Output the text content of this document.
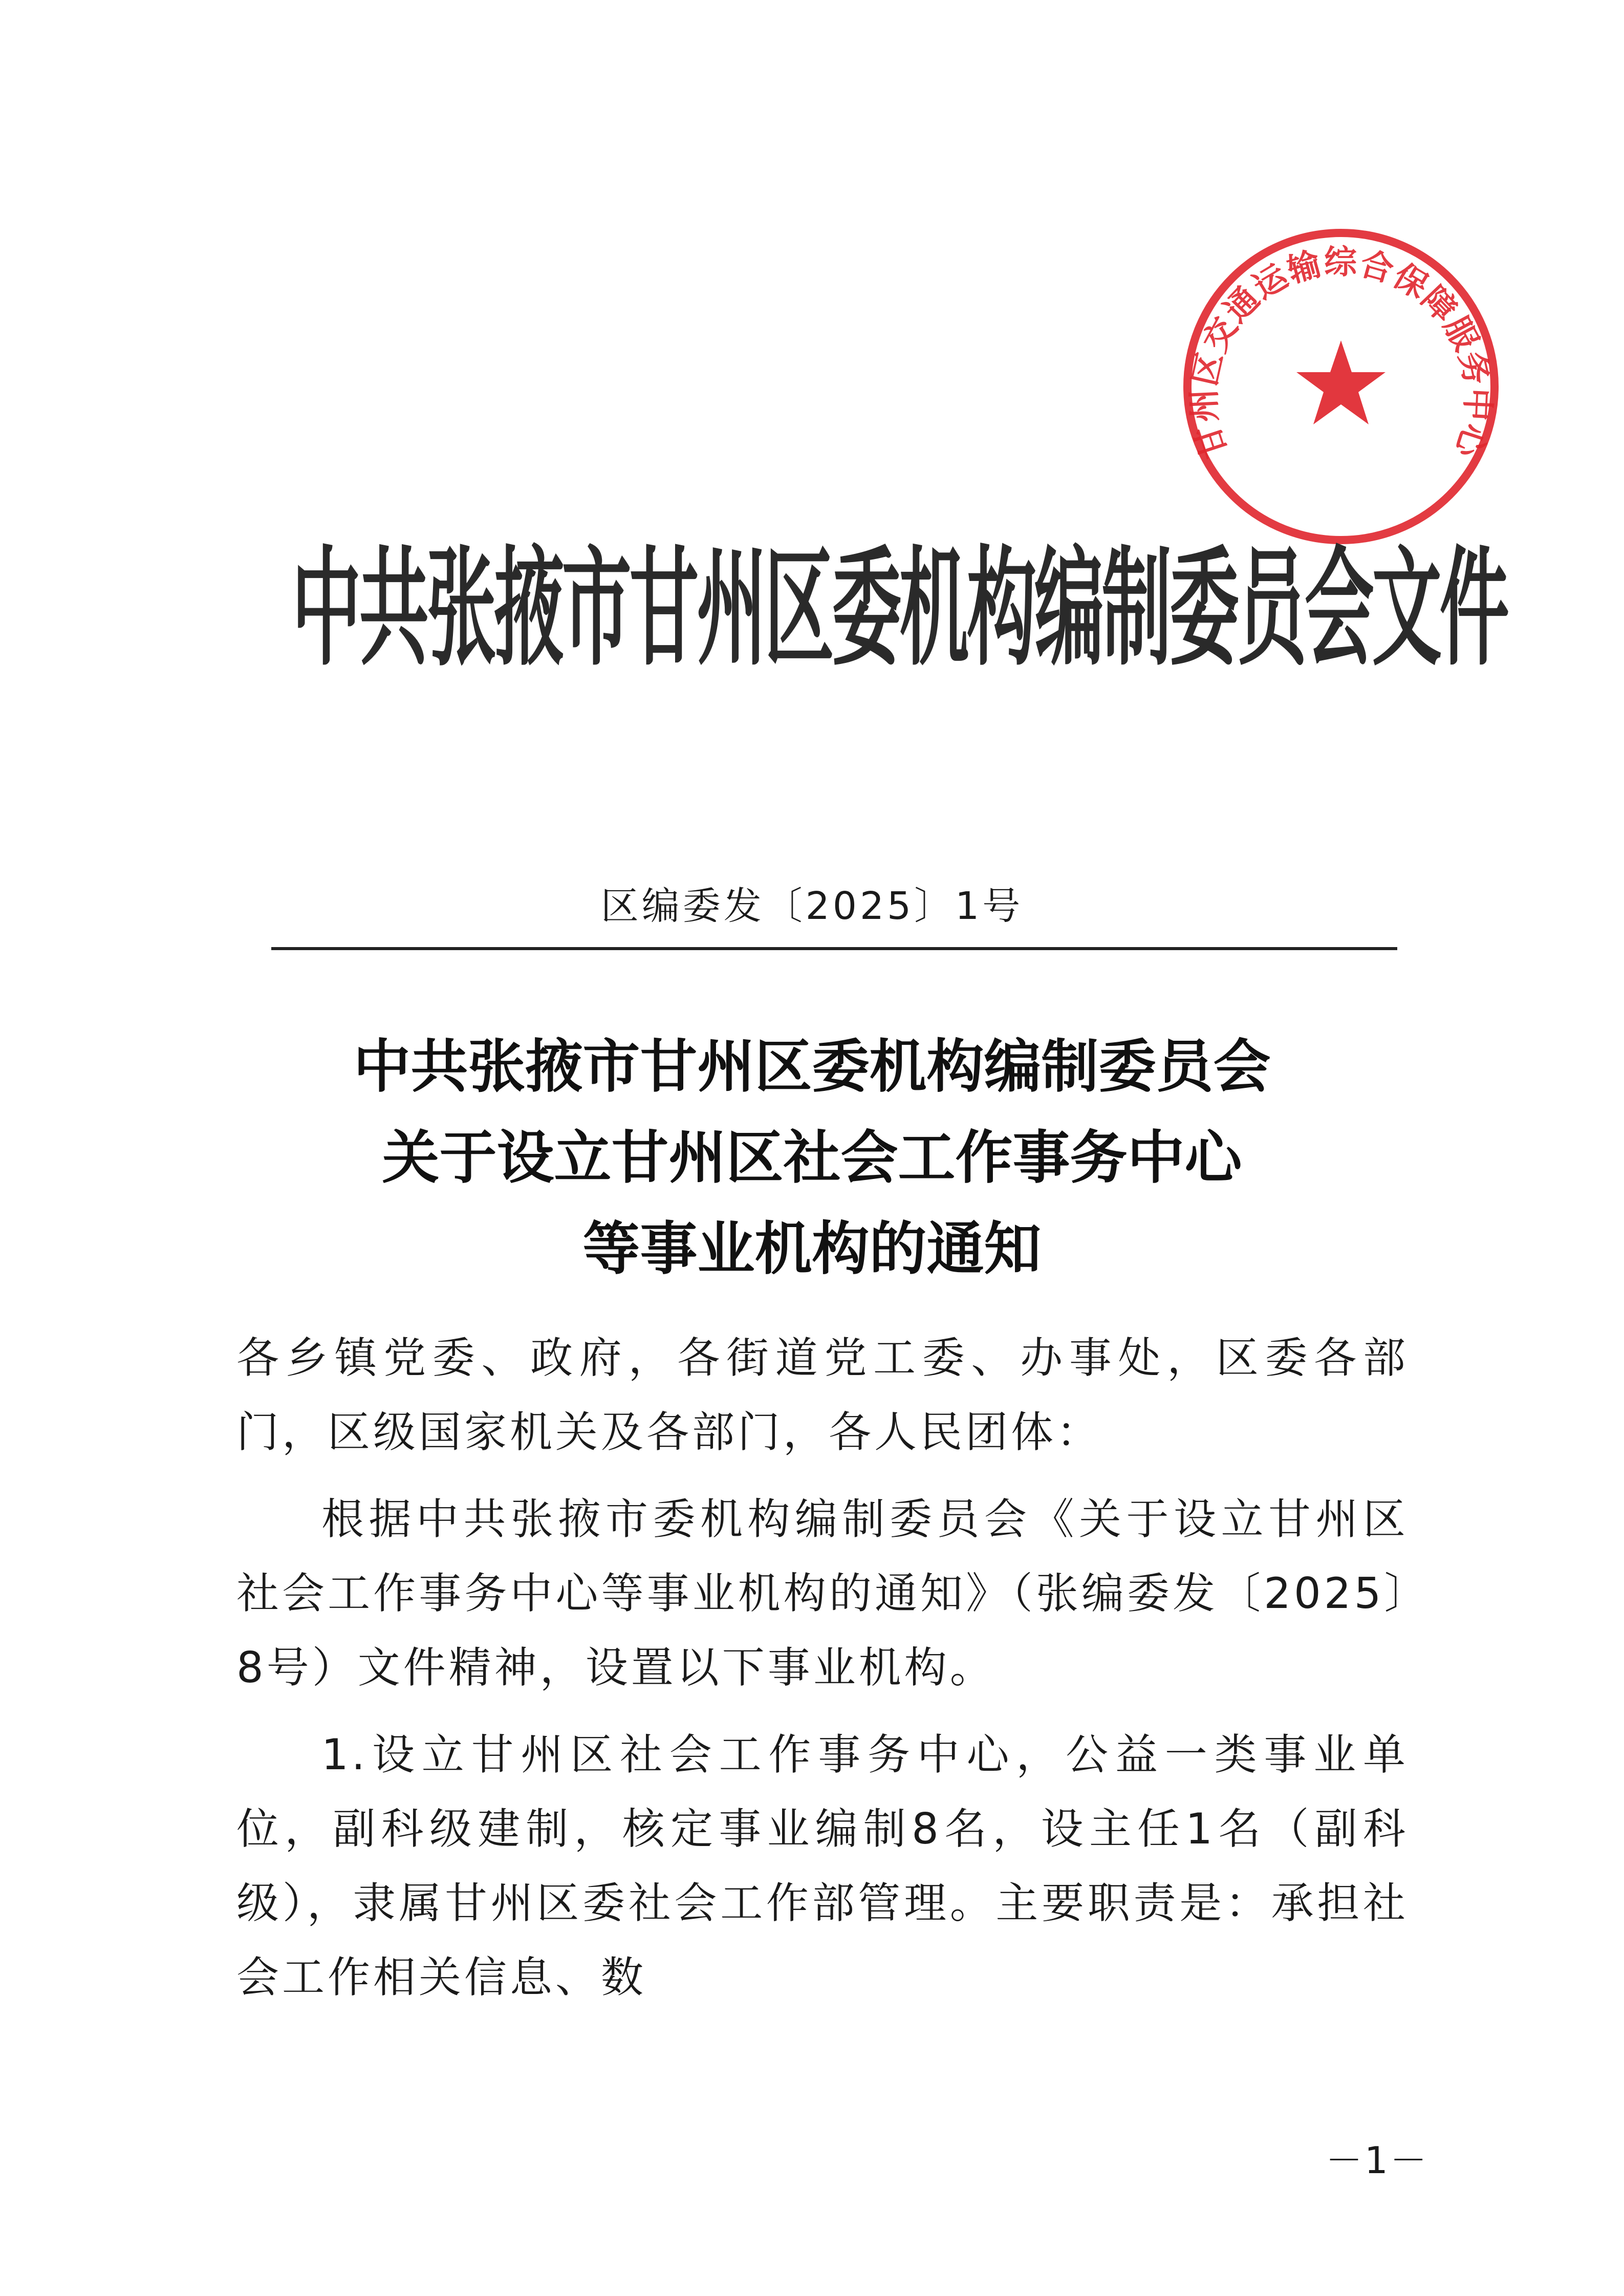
甘州区交通运输综合保障服务中心
中共张掖市甘州区委机构编制委员会文件
区编委发〔2025〕1号
中共张掖市甘州区委机构编制委员会
关于设立甘州区社会工作事务中心
等事业机构的通知

各乡镇党委、政府，各街道党工委、办事处，区委各部门，区级国家机关及各部门，各人民团体：

根据中共张掖市委机构编制委员会《关于设立甘州区社会工作事务中心等事业机构的通知》（张编委发〔2025〕8号）文件精神，设置以下事业机构。

1.设立甘州区社会工作事务中心，公益一类事业单位，副科级建制，核定事业编制8名，设主任1名（副科级），隶属甘州区委社会工作部管理。主要职责是：承担社会工作相关信息、数

－1－
